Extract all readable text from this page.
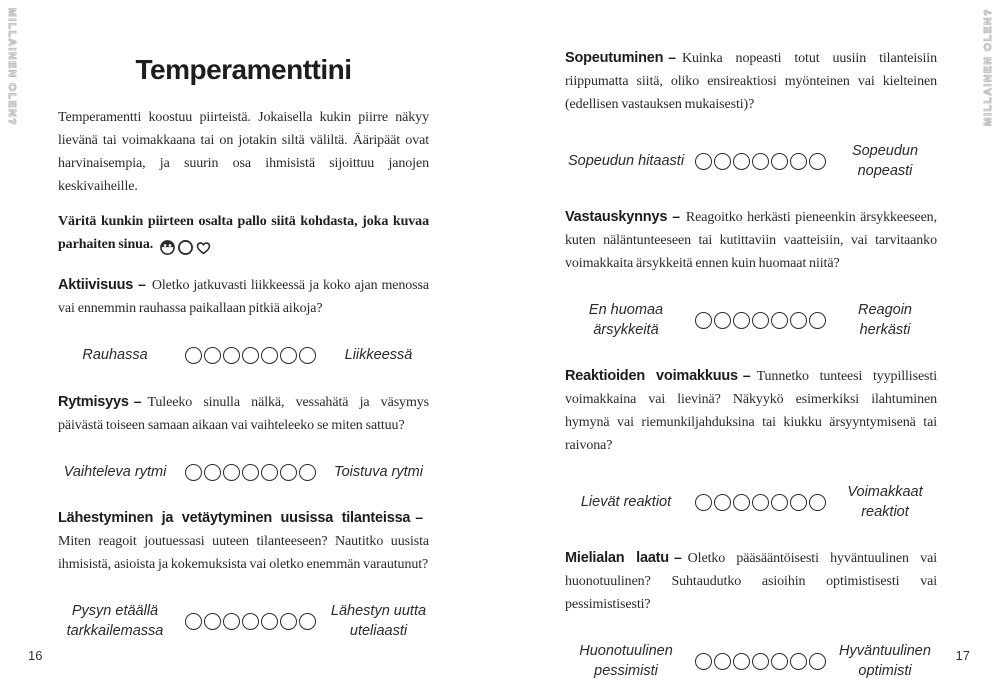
MILLAINEN OLEN?	MILLAINEN OLEN?
Temperamenttini

Temperamentti koostuu piirteistä. Jokaisella kukin piirre näkyy lievänä tai voimakkaana tai on jotakin siltä väliltä. Ääripäät ovat harvinaisempia, ja suurin osa ihmisistä sijoittuu janojen keskivaiheille.

Väritä kunkin piirteen osalta pallo siitä kohdasta, joka kuvaa parhaiten sinua.

Aktiivisuus – Oletko jatkuvasti liikkeessä ja koko ajan menossa vai ennemmin rauhassa paikallaan pitkiä aikoja?

Rauhassa	Liikkeessä

Rytmisyys – Tuleeko sinulla nälkä, vessahätä ja väsymys päivästä toiseen samaan aikaan vai vaihteleeko se miten sattuu?

Vaihteleva rytmi	Toistuva rytmi

Lähestyminen ja vetäytyminen uusissa tilanteissa –Miten reagoit joutuessasi uuteen tilanteeseen? Nautitko uusista ihmisistä, asioista ja kokemuksista vai oletko enemmän varautunut?

Pysyn etäällä tarkkailemassa
Lähestyn uutta uteliaasti

Sopeutuminen – Kuinka nopeasti totut uusiin tilanteisiin riippumatta siitä, oliko ensireaktiosi myönteinen vai kielteinen (edellisen vastauksen mukaisesti)?

Sopeudun hitaasti
Sopeudun nopeasti

Vastauskynnys – Reagoitko herkästi pieneenkin ärsykkeeseen, kuten näläntunteeseen tai kutittaviin vaatteisiin, vai tarvitaanko voimakkaita ärsykkeitä ennen kuin huomaat niitä?

En huomaa ärsykkeitä
Reagoin herkästi

Reaktioiden voimakkuus – Tunnetko tunteesi tyypillisesti voimakkaina vai lievinä? Näkyykö esimerkiksi ilahtuminen hymynä vai riemunkiljahduksina tai kiukku ärsyyntymisenä tai raivona?

Lievät reaktiot
Voimakkaat reaktiot

Mielialan laatu – Oletko pääsääntöisesti hyväntuulinen vai huonotuulinen? Suhtaudutko asioihin optimistisesti vai pessimistisesti?

Huonotuulinen pessimisti
Hyväntuulinen optimisti
16	17
